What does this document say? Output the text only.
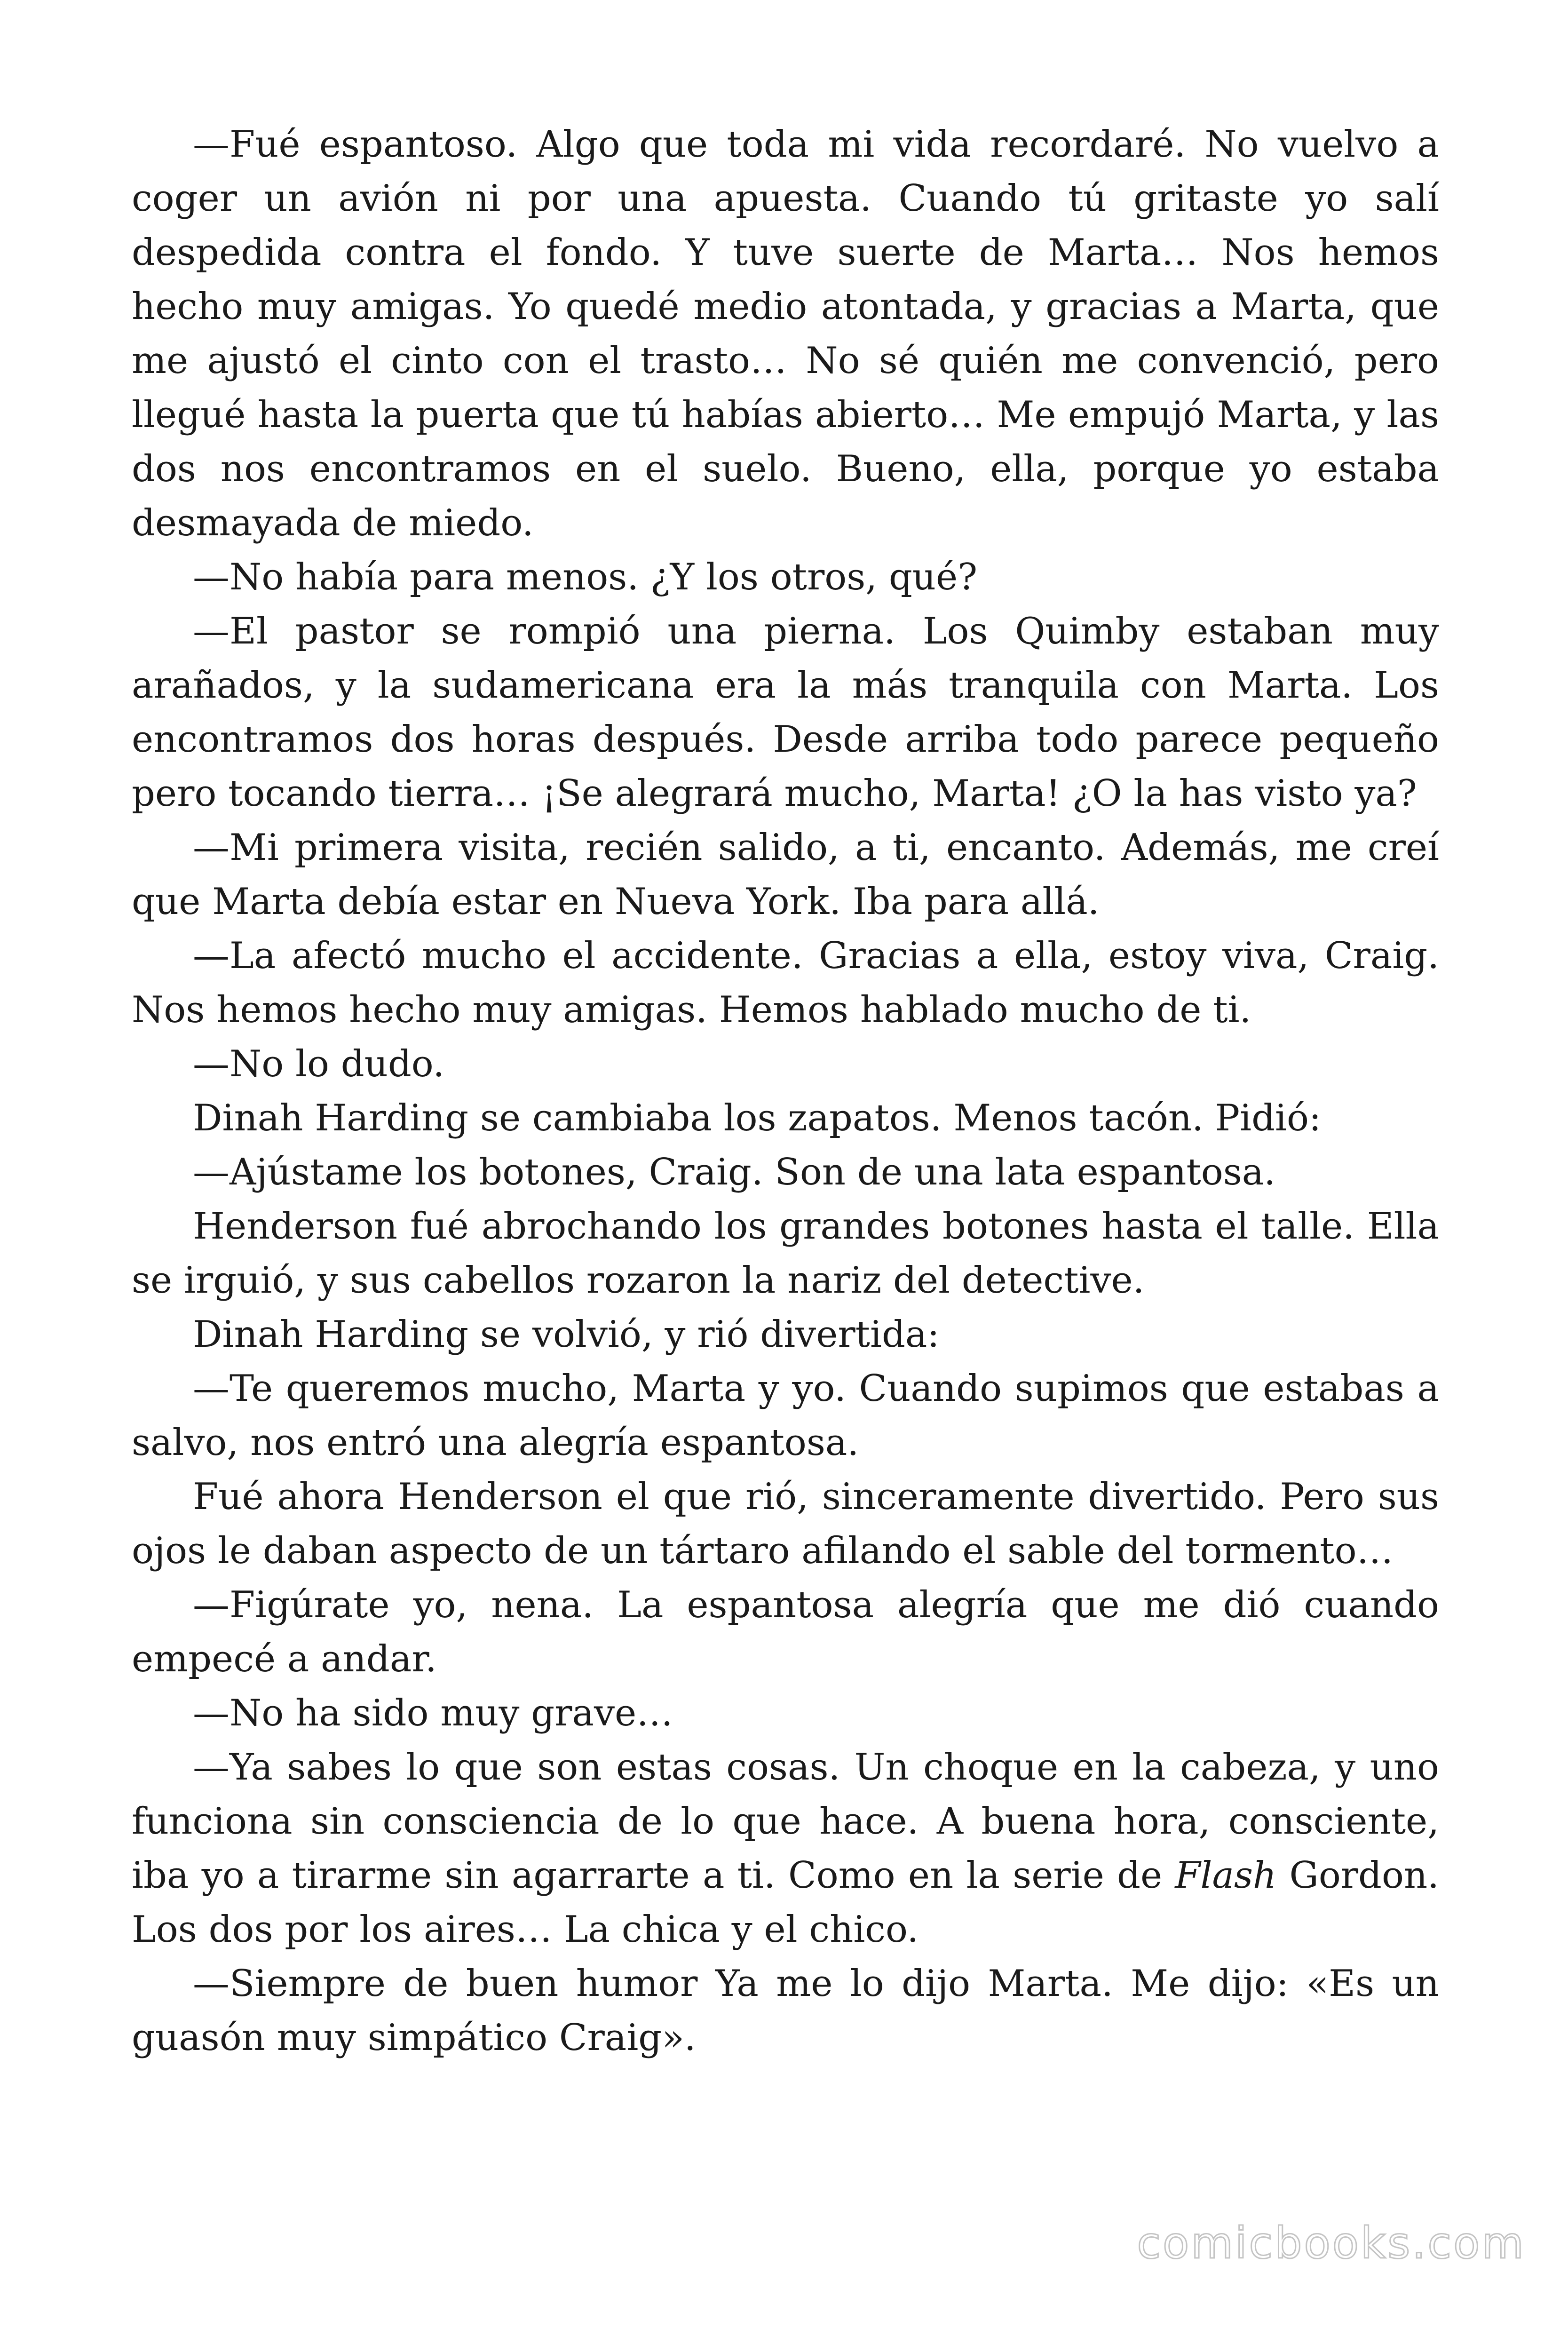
—Fué espantoso. Algo que toda mi vida recordaré. No vuelvo a coger un avión ni por una apuesta. Cuando tú gritaste yo salí despedida contra el fondo. Y tuve suerte de Marta… Nos hemos hecho muy amigas. Yo quedé medio atontada, y gracias a Marta, que me ajustó el cinto con el trasto… No sé quién me convenció, pero llegué hasta la puerta que tú habías abierto… Me empujó Marta, y las dos nos encontramos en el suelo. Bueno, ella, porque yo estaba desmayada de miedo.

—No había para menos. ¿Y los otros, qué?

—El pastor se rompió una pierna. Los Quimby estaban muy arañados, y la sudamericana era la más tranquila con Marta. Los encontramos dos horas después. Desde arriba todo parece pequeño pero tocando tierra… ¡Se alegrará mucho, Marta! ¿O la has visto ya?

—Mi primera visita, recién salido, a ti, encanto. Además, me creí que Marta debía estar en Nueva York. Iba para allá.

—La afectó mucho el accidente. Gracias a ella, estoy viva, Craig. Nos hemos hecho muy amigas. Hemos hablado mucho de ti.

—No lo dudo.

Dinah Harding se cambiaba los zapatos. Menos tacón. Pidió:

—Ajústame los botones, Craig. Son de una lata espantosa.

Henderson fué abrochando los grandes botones hasta el talle. Ella se irguió, y sus cabellos rozaron la nariz del detective.

Dinah Harding se volvió, y rió divertida:

—Te queremos mucho, Marta y yo. Cuando supimos que estabas a salvo, nos entró una alegría espantosa.

Fué ahora Henderson el que rió, sinceramente divertido. Pero sus ojos le daban aspecto de un tártaro afilando el sable del tormento…

—Figúrate yo, nena. La espantosa alegría que me dió cuando empecé a andar.

—No ha sido muy grave…

—Ya sabes lo que son estas cosas. Un choque en la cabeza, y uno funciona sin consciencia de lo que hace. A buena hora, consciente, iba yo a tirarme sin agarrarte a ti. Como en la serie de Flash Gordon. Los dos por los aires… La chica y el chico.

—Siempre de buen humor Ya me lo dijo Marta. Me dijo: «Es un guasón muy simpático Craig».

comicbooks.com
